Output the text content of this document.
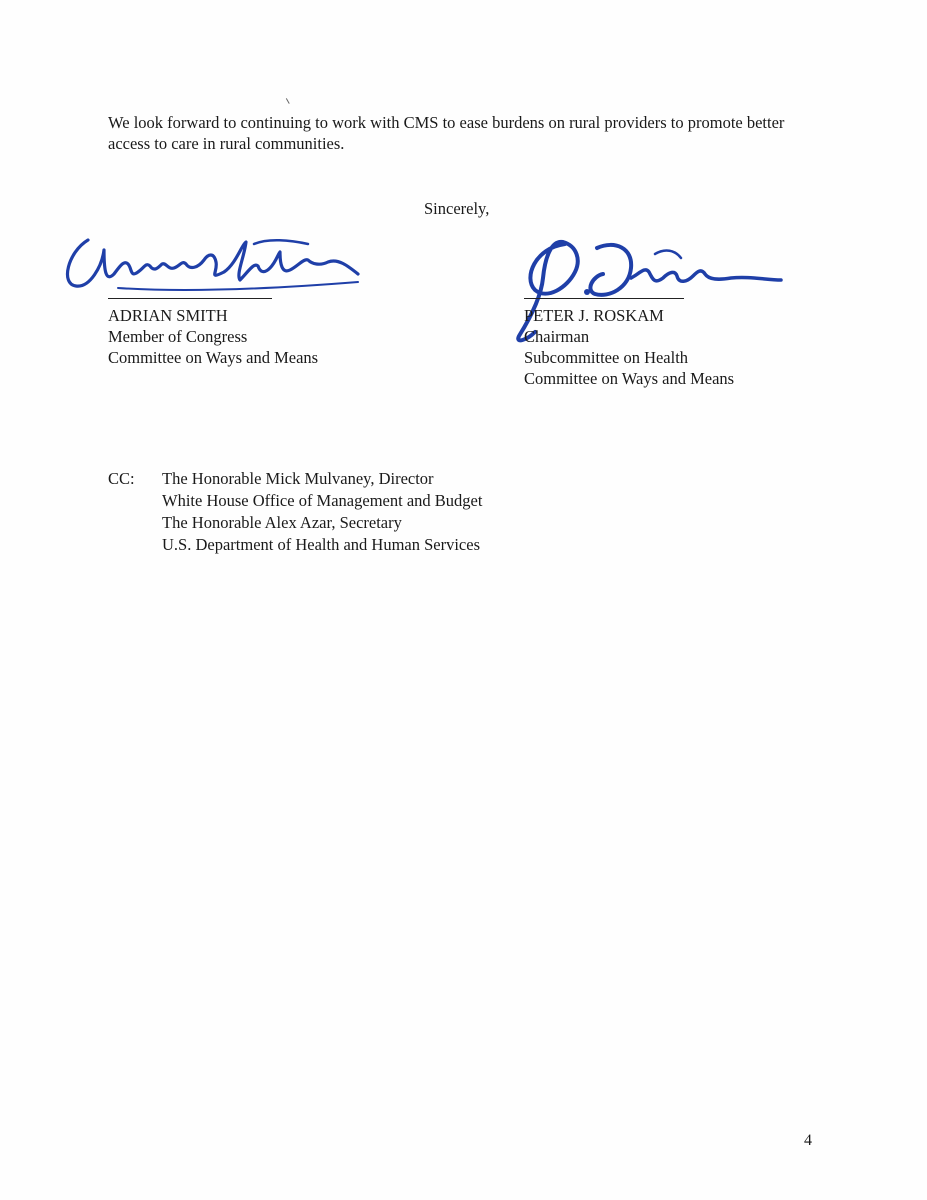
We look forward to continuing to work with CMS to ease burdens on rural providers to promote better access to care in rural communities.

Sincerely,

ADRIAN SMITH
Member of Congress
Committee on Ways and Means
PETER J. ROSKAM
Chairman
Subcommittee on Health
Committee on Ways and Means
CC: The Honorable Mick Mulvaney, Director
White House Office of Management and Budget
The Honorable Alex Azar, Secretary
U.S. Department of Health and Human Services
4
